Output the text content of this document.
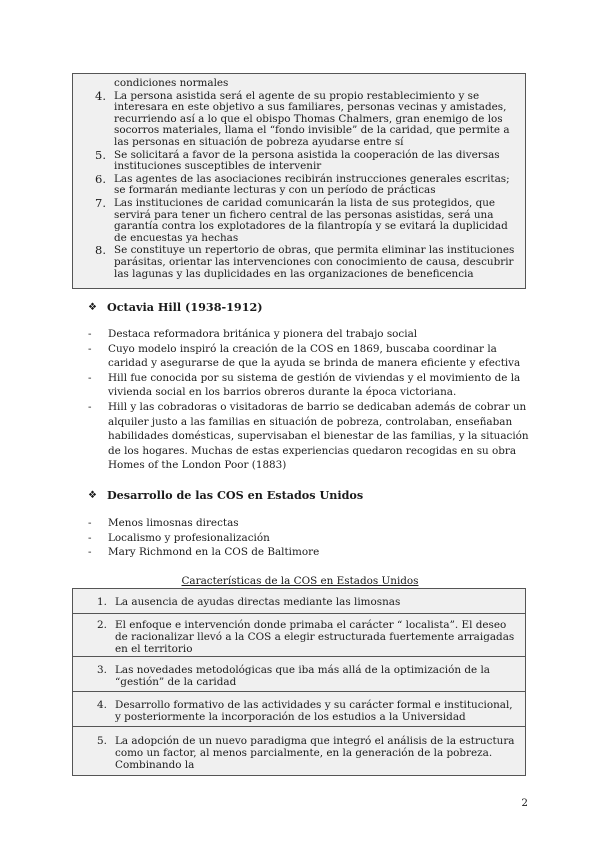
condiciones normales
4. La persona asistida será el agente de su propio restablecimiento y se interesara en este objetivo a sus familiares, personas vecinas y amistades, recurriendo así a lo que el obispo Thomas Chalmers, gran enemigo de los socorros materiales, llama el “fondo invisible” de la caridad, que permite a las personas en situación de pobreza ayudarse entre sí
5. Se solicitará a favor de la persona asistida la cooperación de las diversas instituciones susceptibles de intervenir
6. Las agentes de las asociaciones recibirán instrucciones generales escritas; se formarán mediante lecturas y con un período de prácticas
7. Las instituciones de caridad comunicarán la lista de sus protegidos, que servirá para tener un fichero central de las personas asistidas, será una garantía contra los explotadores de la filantropía y se evitará la duplicidad de encuestas ya hechas
8. Se constituye un repertorio de obras, que permita eliminar las instituciones parásitas, orientar las intervenciones con conocimiento de causa, descubrir las lagunas y las duplicidades en las organizaciones de beneficencia
❖ Octavia Hill (1938-1912)
- Destaca reformadora británica y pionera del trabajo social
- Cuyo modelo inspiró la creación de la COS en 1869, buscaba coordinar la caridad y asegurarse de que la ayuda se brinda de manera eficiente y efectiva
- Hill fue conocida por su sistema de gestión de viviendas y el movimiento de la vivienda social en los barrios obreros durante la época victoriana.
- Hill y las cobradoras o visitadoras de barrio se dedicaban además de cobrar un alquiler justo a las familias en situación de pobreza, controlaban, enseñaban habilidades domésticas, supervisaban el bienestar de las familias, y la situación de los hogares. Muchas de estas experiencias quedaron recogidas en su obra Homes of the London Poor (1883)
❖ Desarrollo de las COS en Estados Unidos
- Menos limosnas directas
- Localismo y profesionalización
- Mary Richmond en la COS de Baltimore
Características de la COS en Estados Unidos
1. La ausencia de ayudas directas mediante las limosnas
2. El enfoque e intervención donde primaba el carácter “ localista”. El deseo de racionalizar llevó a la COS a elegir estructurada fuertemente arraigadas en el territorio
3. Las novedades metodológicas que iba más allá de la optimización de la “gestión” de la caridad
4. Desarrollo formativo de las actividades y su carácter formal e institucional, y posteriormente la incorporación de los estudios a la Universidad
5. La adopción de un nuevo paradigma que integró el análisis de la estructura como un factor, al menos parcialmente, en la generación de la pobreza. Combinando la
2
